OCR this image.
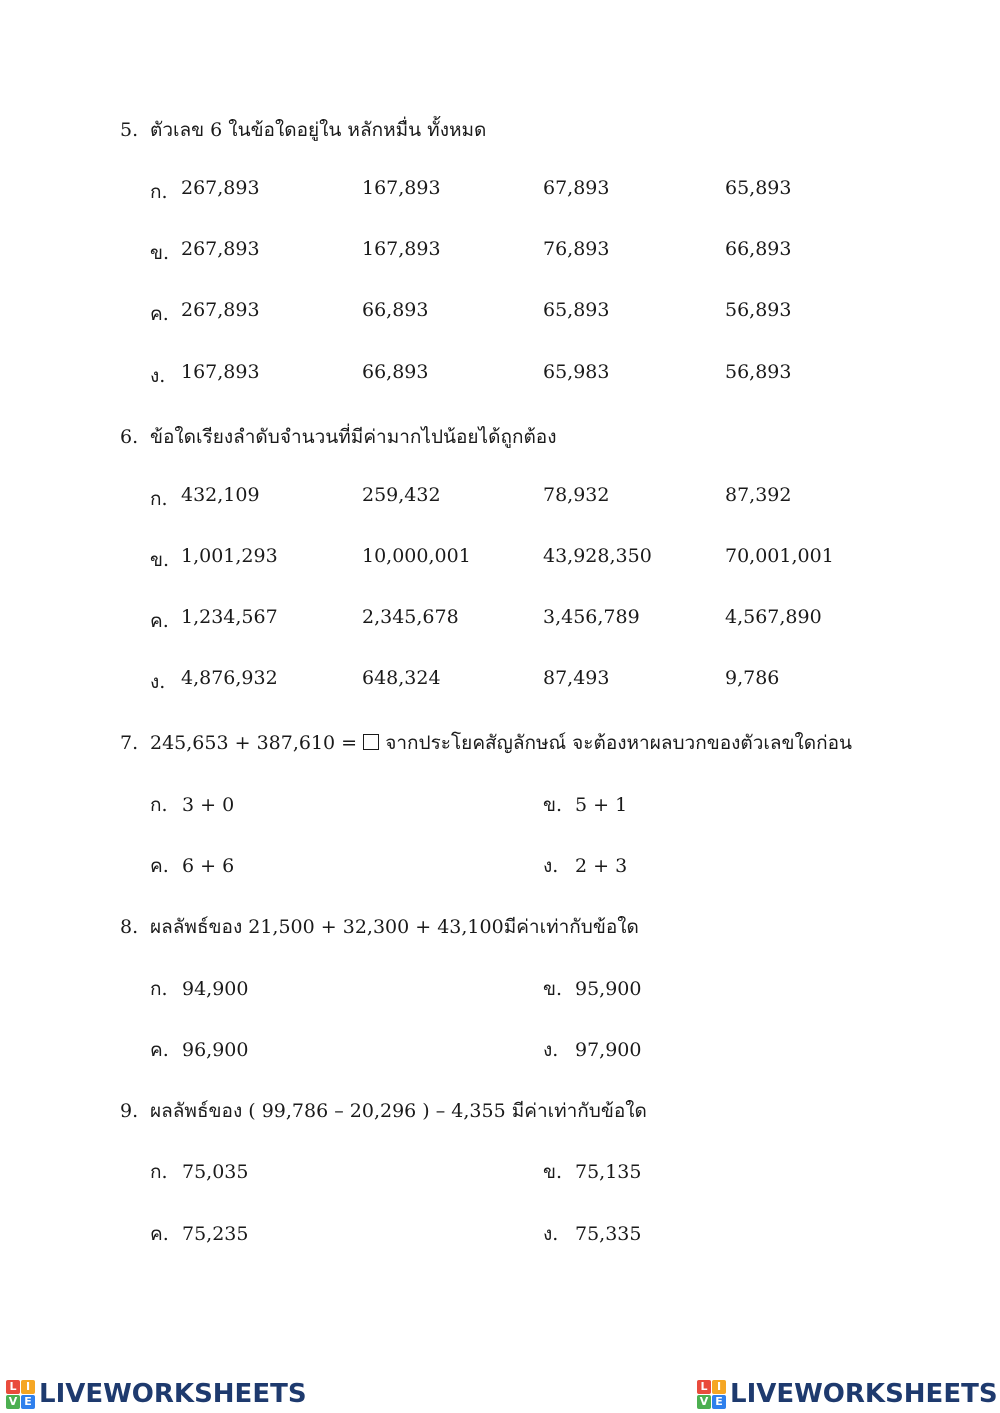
5. ตัวเลข 6 ในข้อใดอยู่ใน หลักหมื่น ทั้งหมด
ก. 267,893	167,893	67,893	65,893
ข. 267,893	167,893	76,893	66,893
ค. 267,893	66,893	65,893	56,893
ง. 167,893	66,893	65,983	56,893
6. ข้อใดเรียงลำดับจำนวนที่มีค่ามากไปน้อยได้ถูกต้อง
ก. 432,109	259,432	78,932	87,392
ข. 1,001,293	10,000,001	43,928,350	70,001,001
ค. 1,234,567	2,345,678	3,456,789	4,567,890
ง. 4,876,932	648,324	87,493	9,786
7. 245,653 + 387,610 = จากประโยคสัญลักษณ์ จะต้องหาผลบวกของตัวเลขใดก่อน
ก. 3 + 0	ข. 5 + 1
ค. 6 + 6	ง. 2 + 3
8. ผลลัพธ์ของ 21,500 + 32,300 + 43,100มีค่าเท่ากับข้อใด
ก. 94,900	ข. 95,900
ค. 96,900	ง. 97,900
9. ผลลัพธ์ของ ( 99,786 – 20,296 ) – 4,355 มีค่าเท่ากับข้อใด
ก. 75,035	ข. 75,135
ค. 75,235	ง. 75,335
L I
V E LIVEWORKSHEETS	L I
V E LIVEWORKSHEETS
